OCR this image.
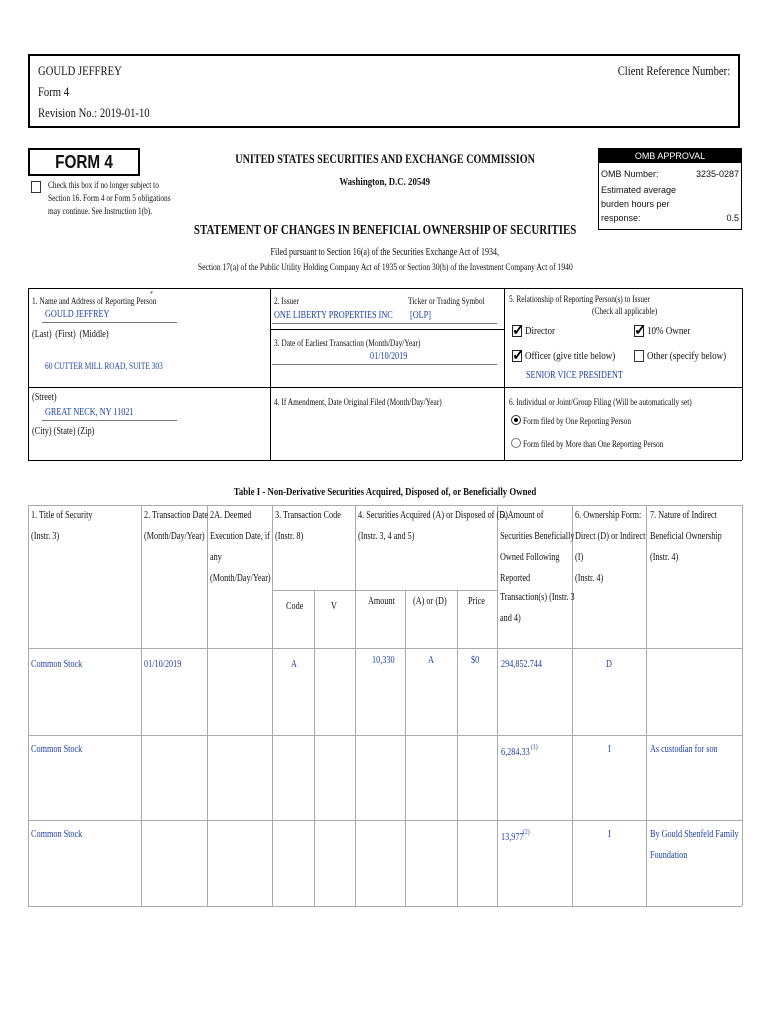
GOULD JEFFREY
Form 4
Revision No.: 2019-01-10
Client Reference Number:
FORM 4
Check this box if no longer subject to
Section 16. Form 4 or Form 5 obligations
may continue. See Instruction 1(b).
UNITED STATES SECURITIES AND EXCHANGE COMMISSION
Washington, D.C. 20549
STATEMENT OF CHANGES IN BENEFICIAL OWNERSHIP OF SECURITIES
Filed pursuant to Section 16(a) of the Securities Exchange Act of 1934,
Section 17(a) of the Public Utility Holding Company Act of 1935 or Section 30(h) of the Investment Company Act of 1940
OMB APPROVAL
OMB Number:	3235-0287
Estimated average
burden hours per
response:	0.5
1. Name and Address of Reporting Person
*
GOULD JEFFREY
(Last) (First) (Middle)
60 CUTTER MILL ROAD, SUITE 303
(Street)
GREAT NECK, NY 11021
(City) (State) (Zip)
2. Issuer	Ticker or Trading Symbol
ONE LIBERTY PROPERTIES INC [OLP]
3. Date of Earliest Transaction (Month/Day/Year)
01/10/2019
4. If Amendment, Date Original Filed (Month/Day/Year)
5. Relationship of Reporting Person(s) to Issuer
(Check all applicable)
✓
Director
✓	10% Owner
✓
Officer (give title below)	Other (specify below)
SENIOR VICE PRESIDENT
6. Individual or Joint/Group Filing (Will be automatically set)
Form filed by One Reporting Person
Form filed by More than One Reporting Person
Table I - Non-Derivative Securities Acquired, Disposed of, or Beneficially Owned
1. Title of Security
(Instr. 3)
2. Transaction Date
(Month/Day/Year)
2A. Deemed
Execution Date, if
any
(Month/Day/Year)
3. Transaction Code
(Instr. 8)
Code	V
4. Securities Acquired (A) or Disposed of (D)
(Instr. 3, 4 and 5)
Amount (A) or (D) Price
5. Amount of
Securities Beneficially
Owned Following
Reported
Transaction(s) (Instr. 3
and 4)
6. Ownership Form:
Direct (D) or Indirect
(I)
(Instr. 4)
7. Nature of Indirect
Beneficial Ownership
(Instr. 4)
Common Stock	01/10/2019	A	10,330	A	$0 294,852.744	D
Common Stock	6,284.33 (1)	I	As custodian for son
Common Stock	13,977 (2)	I	By Gould Shenfeld Family
Foundation
